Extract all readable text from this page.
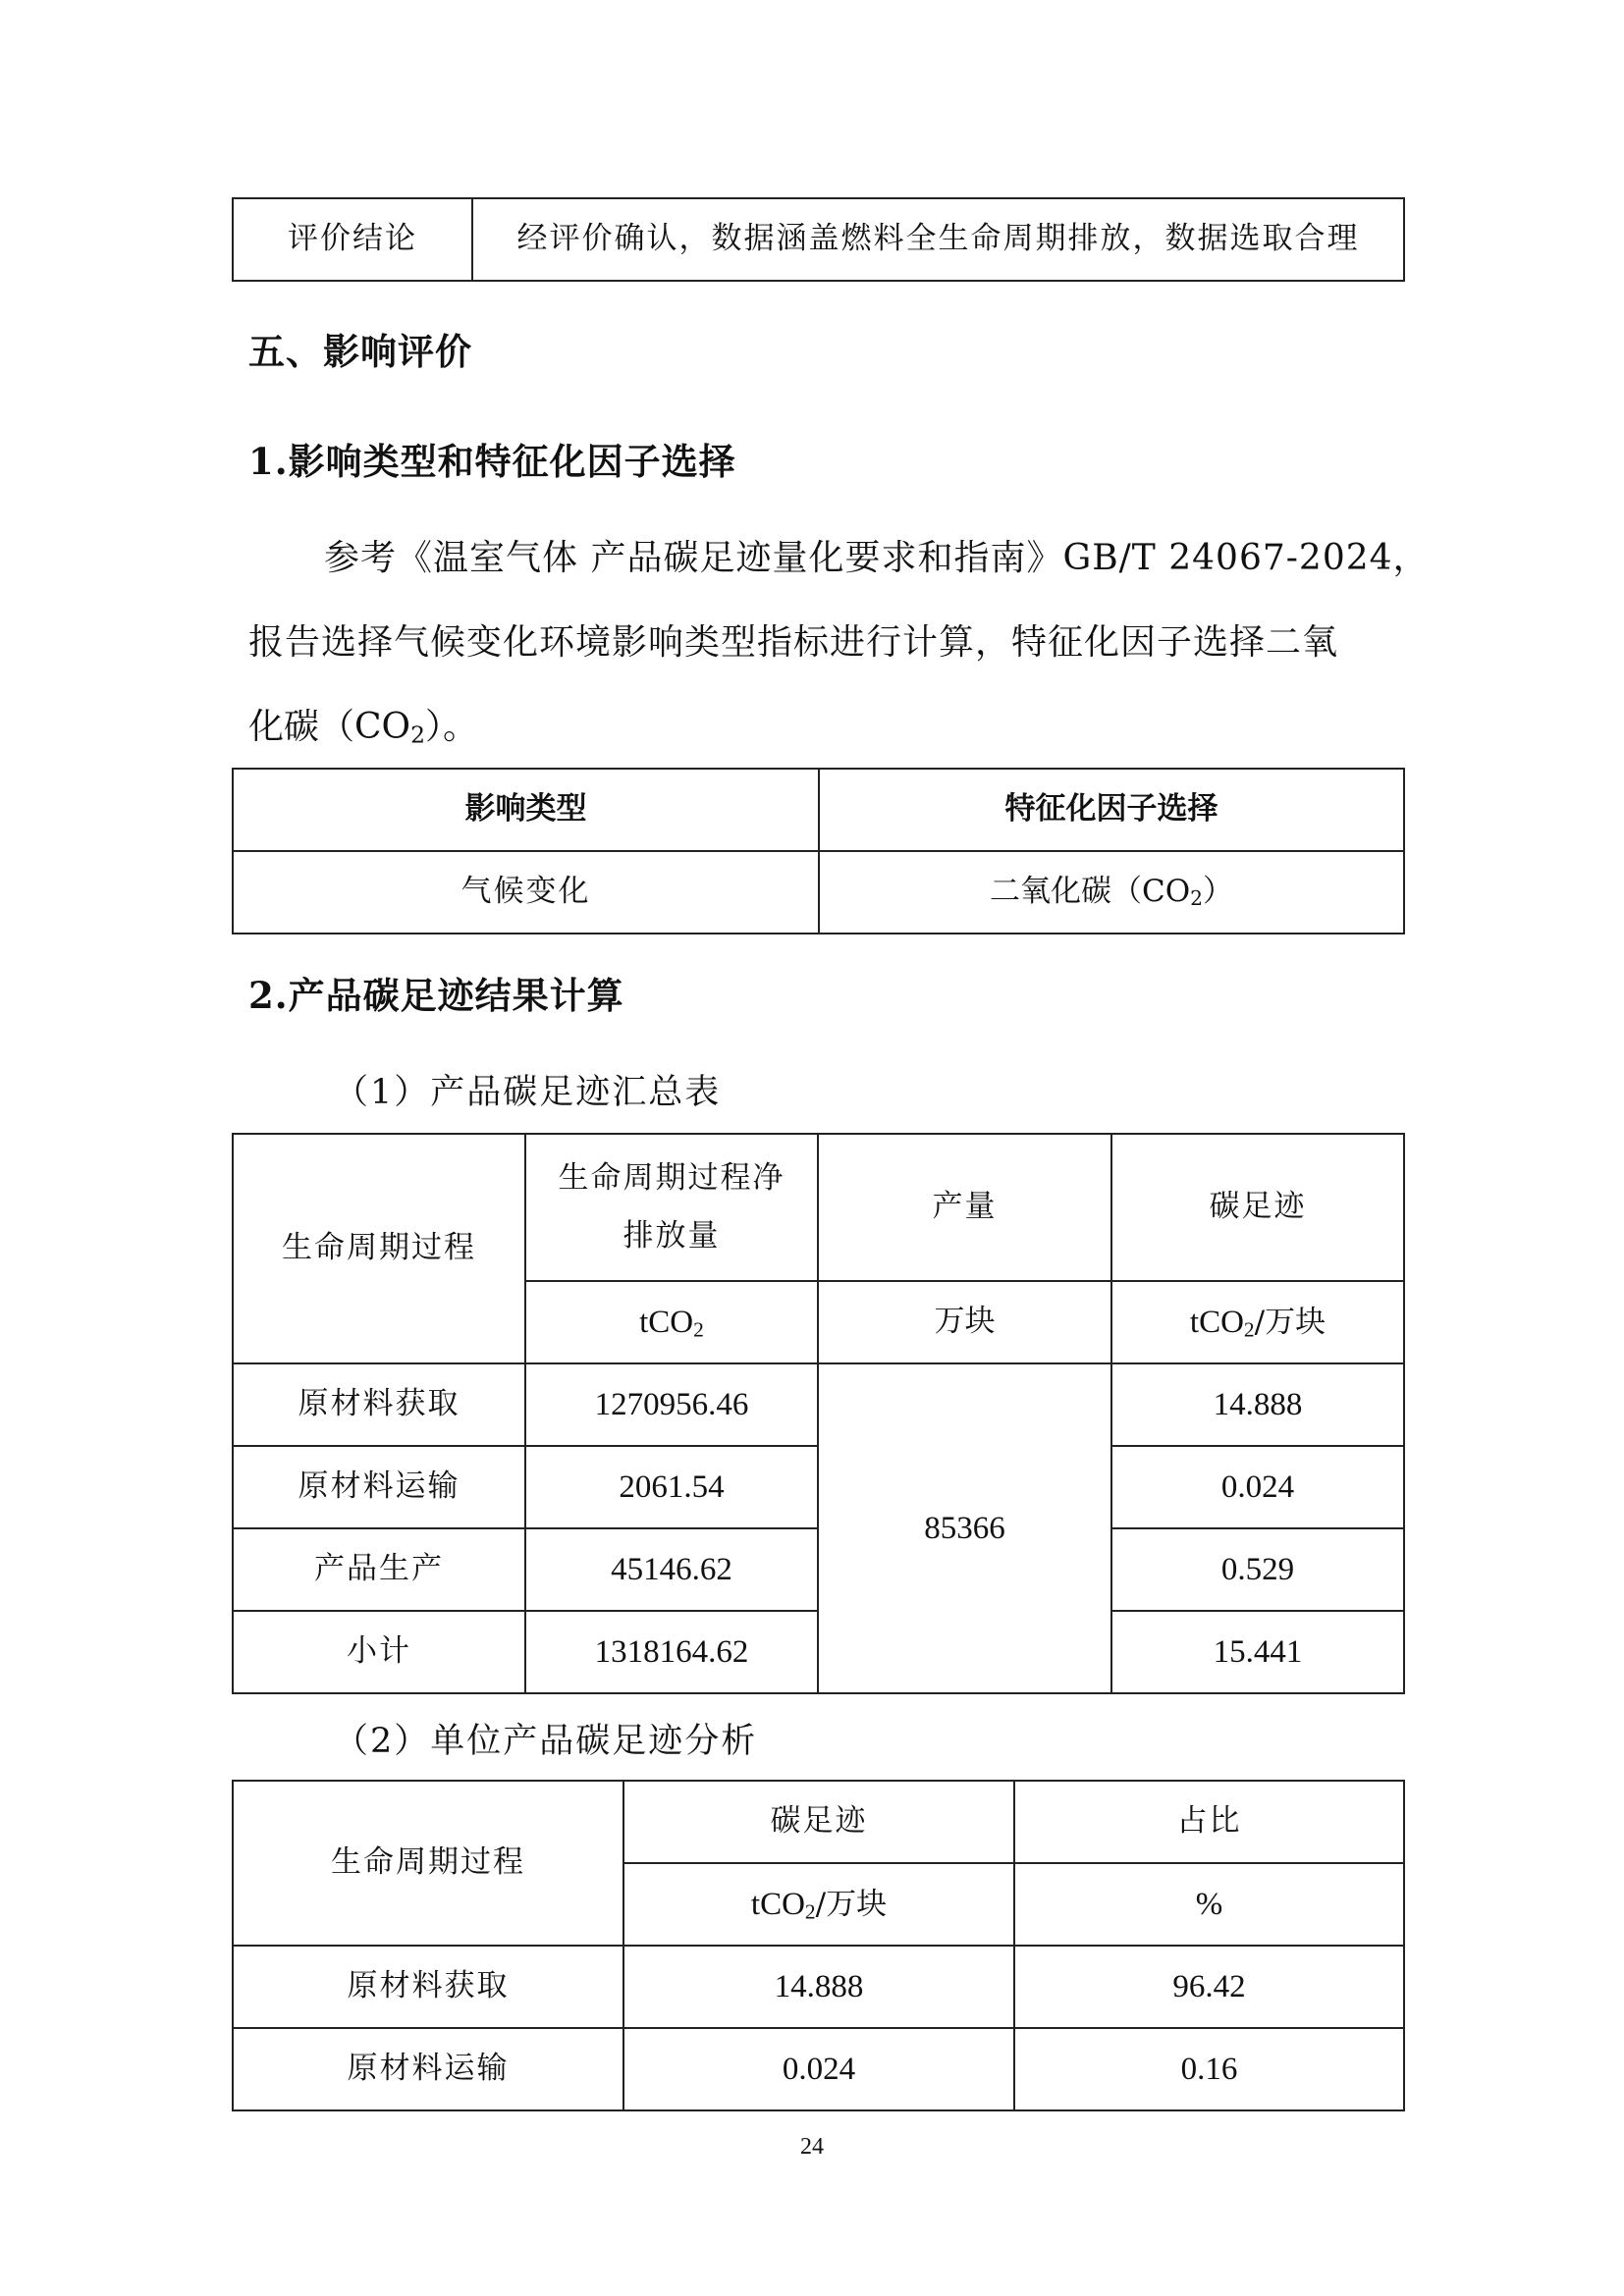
评价结论	经评价确认，数据涵盖燃料全生命周期排放，数据选取合理
五、影响评价
1.影响类型和特征化因子选择

参考《温室气体 产品碳足迹量化要求和指南》GB/T 24067-2024，

报告选择气候变化环境影响类型指标进行计算，特征化因子选择二氧

化碳$(CO_2)$。

影响类型	特征化因子选择
气候变化	二氧化碳$(CO_2)$
2.产品碳足迹结果计算

（1）产品碳足迹汇总表

生命周期过程	生命周期过程净排放量	产量	碳足迹
	tCO$_2$	万块	tCO$_2$/万块
原材料获取	1270956.46	85366	14.888
原材料运输	2061.54		0.024
产品生产	45146.62		0.529
小计	1318164.62		15.441

（2）单位产品碳足迹分析

生命周期过程	碳足迹	占比
	tCO$_2$/万块	%
原材料获取	14.888	96.42
原材料运输	0.024	0.16
24
